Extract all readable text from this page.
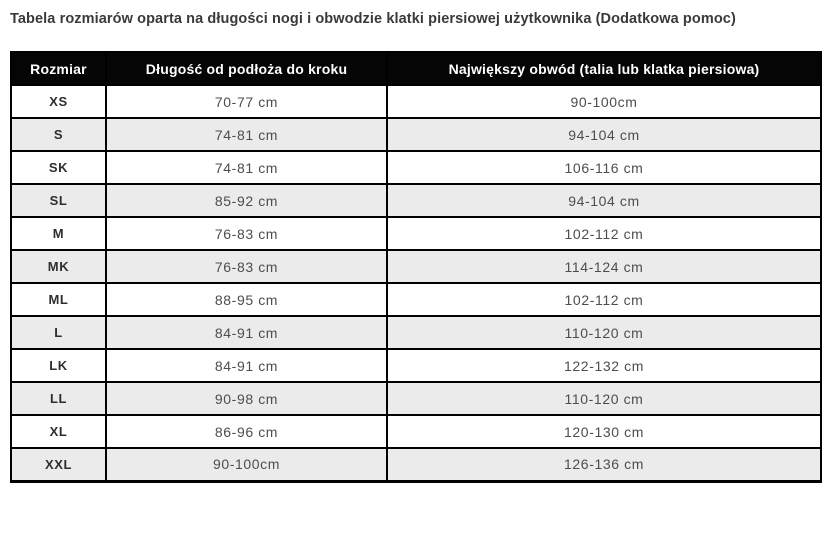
Tabela rozmiarów oparta na długości nogi i obwodzie klatki piersiowej użytkownika (Dodatkowa pomoc)
Rozmiar	Długość od podłoża do kroku	Największy obwód (talia lub klatka piersiowa)
XS	70-77 cm	90-100cm
S	74-81 cm	94-104 cm
SK	74-81 cm	106-116 cm
SL	85-92 cm	94-104 cm
M	76-83 cm	102-112 cm
MK	76-83 cm	114-124 cm
ML	88-95 cm	102-112 cm
L	84-91 cm	110-120 cm
LK	84-91 cm	122-132 cm
LL	90-98 cm	110-120 cm
XL	86-96 cm	120-130 cm
XXL	90-100cm	126-136 cm
